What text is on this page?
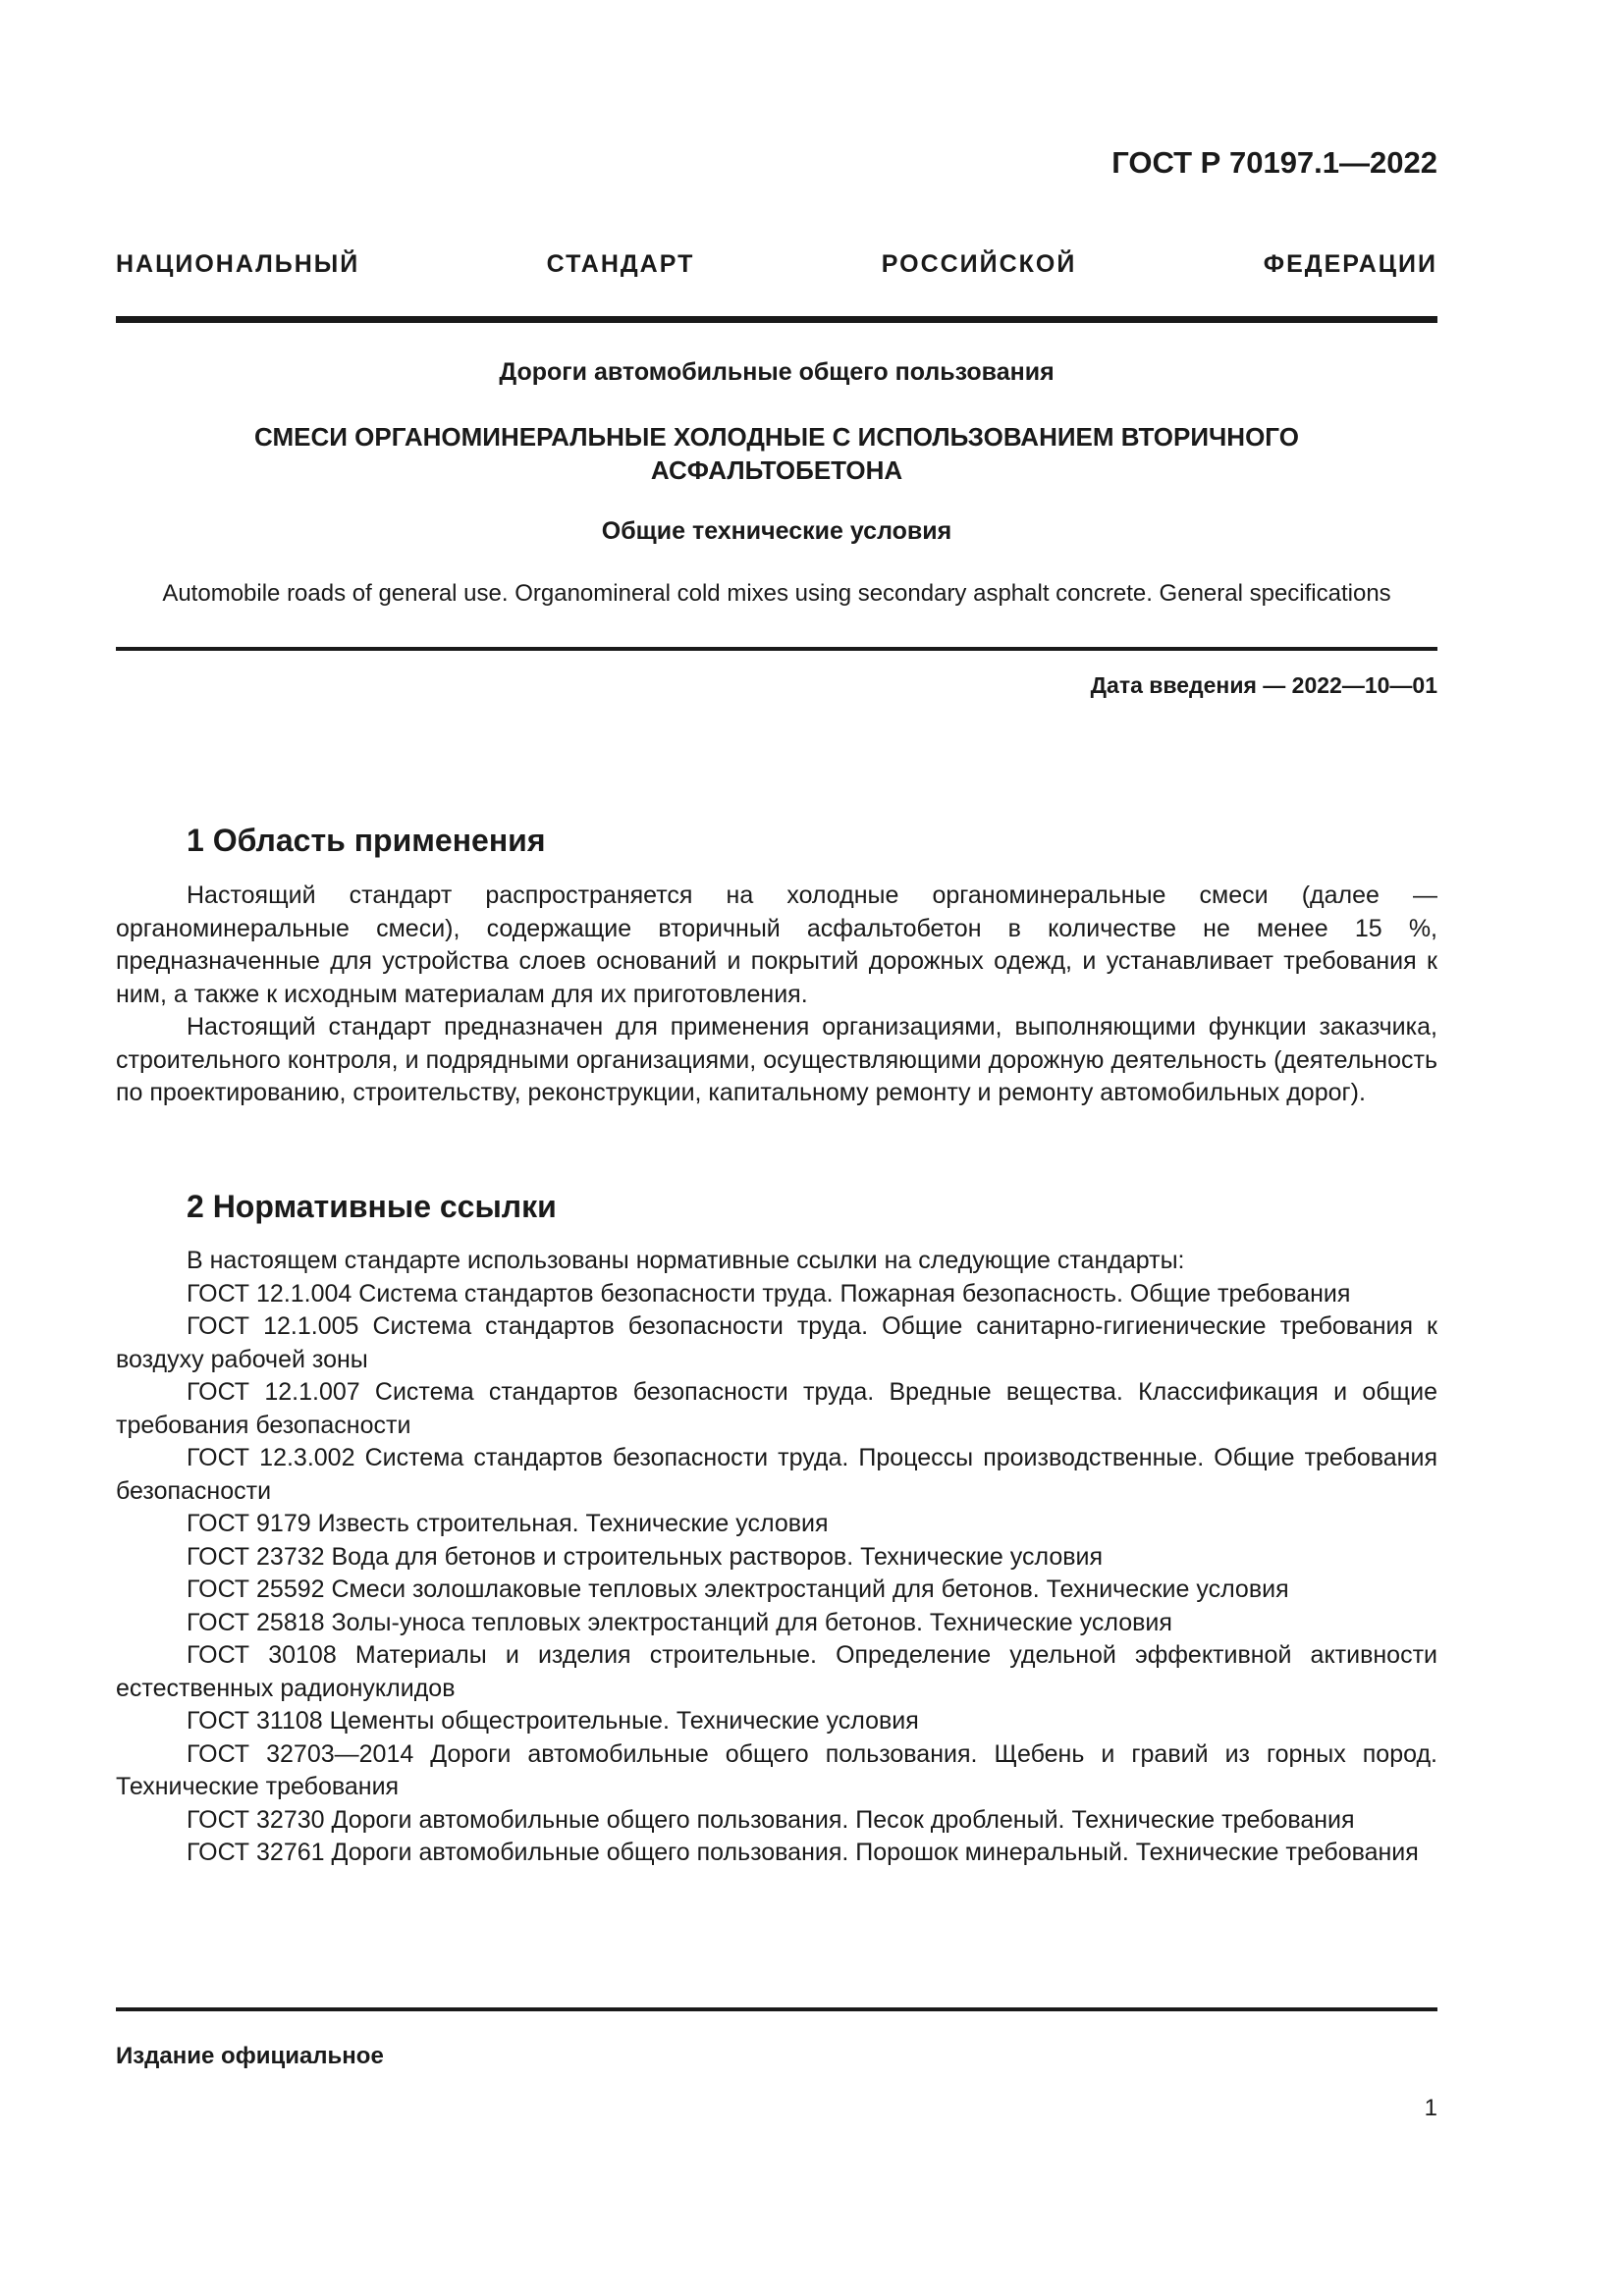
ГОСТ Р 70197.1—2022
НАЦИОНАЛЬНЫЙ СТАНДАРТ РОССИЙСКОЙ ФЕДЕРАЦИИ
Дороги автомобильные общего пользования
СМЕСИ ОРГАНОМИНЕРАЛЬНЫЕ ХОЛОДНЫЕ С ИСПОЛЬЗОВАНИЕМ ВТОРИЧНОГО
АСФАЛЬТОБЕТОНА
Общие технические условия
Automobile roads of general use. Organomineral cold mixes using secondary asphalt concrete. General specifications
Дата введения — 2022—10—01
1 Область применения

Настоящий стандарт распространяется на холодные органоминеральные смеси (далее — органоминеральные смеси), содержащие вторичный асфальтобетон в количестве не менее 15 %, предназначенные для устройства слоев оснований и покрытий дорожных одежд, и устанавливает требования к ним, а также к исходным материалам для их приготовления.

Настоящий стандарт предназначен для применения организациями, выполняющими функции заказчика, строительного контроля, и подрядными организациями, осуществляющими дорожную деятельность (деятельность по проектированию, строительству, реконструкции, капитальному ремонту и ремонту автомобильных дорог).

2 Нормативные ссылки

В настоящем стандарте использованы нормативные ссылки на следующие стандарты:

ГОСТ 12.1.004 Система стандартов безопасности труда. Пожарная безопасность. Общие требования

ГОСТ 12.1.005 Система стандартов безопасности труда. Общие санитарно-гигиенические требования к воздуху рабочей зоны

ГОСТ 12.1.007 Система стандартов безопасности труда. Вредные вещества. Классификация и общие требования безопасности

ГОСТ 12.3.002 Система стандартов безопасности труда. Процессы производственные. Общие требования безопасности

ГОСТ 9179 Известь строительная. Технические условия

ГОСТ 23732 Вода для бетонов и строительных растворов. Технические условия

ГОСТ 25592 Смеси золошлаковые тепловых электростанций для бетонов. Технические условия

ГОСТ 25818 Золы-уноса тепловых электростанций для бетонов. Технические условия

ГОСТ 30108 Материалы и изделия строительные. Определение удельной эффективной активности естественных радионуклидов

ГОСТ 31108 Цементы общестроительные. Технические условия

ГОСТ 32703—2014 Дороги автомобильные общего пользования. Щебень и гравий из горных пород. Технические требования

ГОСТ 32730 Дороги автомобильные общего пользования. Песок дробленый. Технические требования

ГОСТ 32761 Дороги автомобильные общего пользования. Порошок минеральный. Технические требования

Издание официальное
1
